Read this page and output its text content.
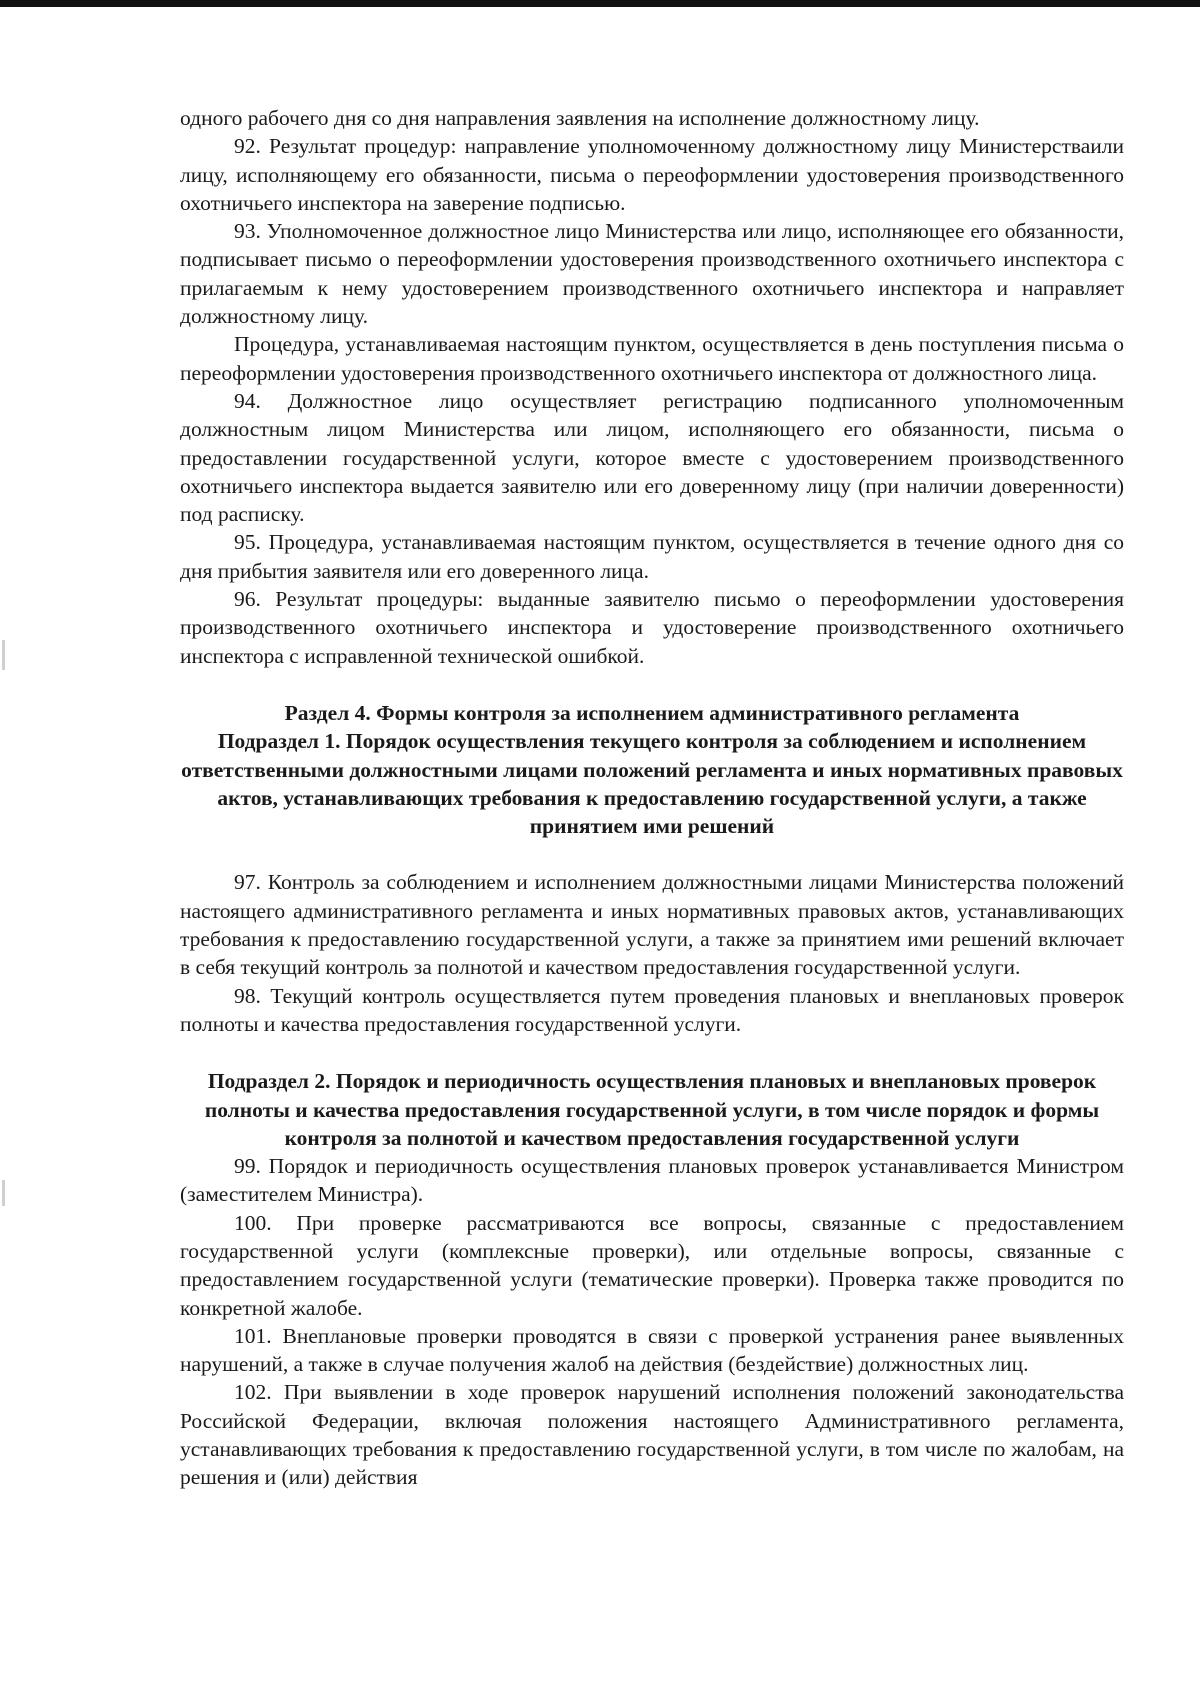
одного рабочего дня со дня направления заявления на исполнение должностному лицу.

92. Результат процедур: направление уполномоченному должностному лицу Министерстваили лицу, исполняющему его обязанности, письма о переоформлении удостоверения производственного охотничьего инспектора на заверение подписью.

93. Уполномоченное должностное лицо Министерства или лицо, исполняющее его обязанности, подписывает письмо о переоформлении удостоверения производственного охотничьего инспектора с прилагаемым к нему удостоверением производственного охотничьего инспектора и направляет должностному лицу.

Процедура, устанавливаемая настоящим пунктом, осуществляется в день поступления письма о переоформлении удостоверения производственного охотничьего инспектора от должностного лица.

94. Должностное лицо осуществляет регистрацию подписанного уполномоченным должностным лицом Министерства или лицом, исполняющего его обязанности, письма о предоставлении государственной услуги, которое вместе с удостоверением производственного охотничьего инспектора выдается заявителю или его доверенному лицу (при наличии доверенности) под расписку.

95. Процедура, устанавливаемая настоящим пунктом, осуществляется в течение одного дня со дня прибытия заявителя или его доверенного лица.

96. Результат процедуры: выданные заявителю письмо о переоформлении удостоверения производственного охотничьего инспектора и удостоверение производственного охотничьего инспектора с исправленной технической ошибкой.

Раздел 4. Формы контроля за исполнением административного регламента
Подраздел 1. Порядок осуществления текущего контроля за соблюдением и исполнением ответственными должностными лицами положений регламента и иных нормативных правовых актов, устанавливающих требования к предоставлению государственной услуги, а также принятием ими решений

97. Контроль за соблюдением и исполнением должностными лицами Министерства положений настоящего административного регламента и иных нормативных правовых актов, устанавливающих требования к предоставлению государственной услуги, а также за принятием ими решений включает в себя текущий контроль за полнотой и качеством предоставления государственной услуги.

98. Текущий контроль осуществляется путем проведения плановых и внеплановых проверок полноты и качества предоставления государственной услуги.

Подраздел 2. Порядок и периодичность осуществления плановых и внеплановых проверок полноты и качества предоставления государственной услуги, в том числе порядок и формы контроля за полнотой и качеством предоставления государственной услуги

99. Порядок и периодичность осуществления плановых проверок устанавливается Министром (заместителем Министра).

100. При проверке рассматриваются все вопросы, связанные с предоставлением государственной услуги (комплексные проверки), или отдельные вопросы, связанные с предоставлением государственной услуги (тематические проверки). Проверка также проводится по конкретной жалобе.

101. Внеплановые проверки проводятся в связи с проверкой устранения ранее выявленных нарушений, а также в случае получения жалоб на действия (бездействие) должностных лиц.

102. При выявлении в ходе проверок нарушений исполнения положений законодательства Российской Федерации, включая положения настоящего Административного регламента, устанавливающих требования к предоставлению государственной услуги, в том числе по жалобам, на решения и (или) действия
